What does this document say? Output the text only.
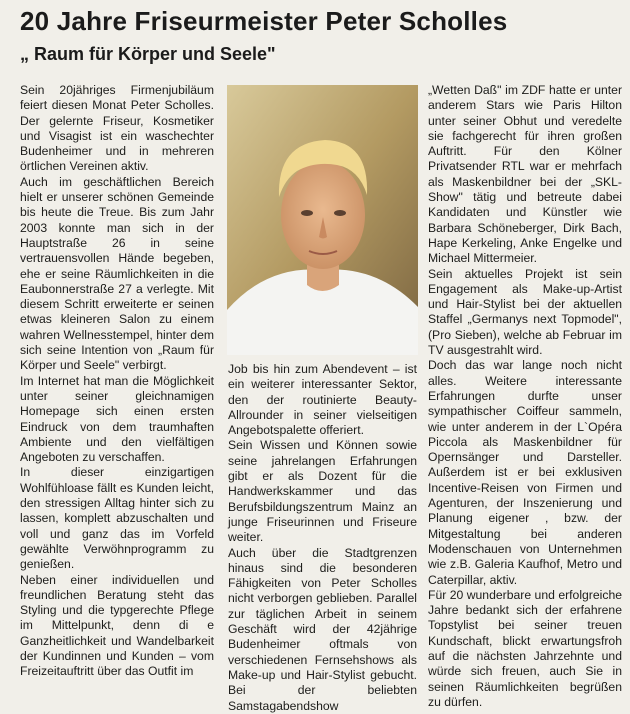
20 Jahre Friseurmeister Peter Scholles
„ Raum für Körper und Seele"

Sein 20jähriges Firmenjubiläum feiert diesen Monat Peter Scholles. Der gelernte Friseur, Kosmetiker und Visagist ist ein waschechter Budenheimer und in mehreren örtlichen Vereinen aktiv.

Auch im geschäftlichen Bereich hielt er unserer schönen Gemeinde bis heute die Treue. Bis zum Jahr 2003 konnte man sich in der Hauptstraße 26 in seine vertrauensvollen Hände begeben, ehe er seine Räumlichkeiten in die Eaubonnerstraße 27 a verlegte. Mit diesem Schritt erweiterte er seinen etwas kleineren Salon zu einem wahren Wellnesstempel, hinter dem sich seine Intention von „Raum für Körper und Seele" verbirgt.

Im Internet hat man die Möglichkeit unter seiner gleichnamigen Homepage sich einen ersten Eindruck von dem traumhaften Ambiente und den vielfältigen Angeboten zu verschaffen.

In dieser einzigartigen Wohlfühloase fällt es Kunden leicht, den stressigen Alltag hinter sich zu lassen, komplett abzuschalten und voll und ganz das im Vorfeld gewählte Verwöhnprogramm zu genießen.

Neben einer individuellen und freundlichen Beratung steht das Styling und die typgerechte Pflege im Mittelpunkt, denn di e Ganzheitlichkeit und Wandelbarkeit der Kundinnen und Kunden – vom Freizeitauftritt über das Outfit im

Job bis hin zum Abendevent – ist ein weiterer interessanter Sektor, den der routinierte Beauty-Allrounder in seiner vielseitigen Angebotspalette offeriert.

Sein Wissen und Können sowie seine jahrelangen Erfahrungen gibt er als Dozent für die Handwerkskammer und das Berufsbildungszentrum Mainz an junge Friseurinnen und Friseure weiter.

Auch über die Stadtgrenzen hinaus sind die besonderen Fähigkeiten von Peter Scholles nicht verborgen geblieben. Parallel zur täglichen Arbeit in seinem Geschäft wird der 42jährige Budenheimer oftmals von verschiedenen Fernsehshows als Make-up und Hair-Stylist gebucht. Bei der beliebten Samstagabendshow

„Wetten Daß" im ZDF hatte er unter anderem Stars wie Paris Hilton unter seiner Obhut und veredelte sie fachgerecht für ihren großen Auftritt. Für den Kölner Privatsender RTL war er mehrfach als Maskenbildner bei der „SKL-Show" tätig und betreute dabei Kandidaten und Künstler wie Barbara Schöneberger, Dirk Bach, Hape Kerkeling, Anke Engelke und Michael Mittermeier.

Sein aktuelles Projekt ist sein Engagement als Make-up-Artist und Hair-Stylist bei der aktuellen Staffel „Germanys next Topmodel", (Pro Sieben), welche ab Februar im TV ausgestrahlt wird.

Doch das war lange noch nicht alles. Weitere interessante Erfahrungen durfte unser sympathischer Coiffeur sammeln, wie unter anderem in der L`Opéra Piccola als Maskenbildner für Opernsänger und Darsteller. Außerdem ist er bei exklusiven Incentive-Reisen von Firmen und Agenturen, der Inszenierung und Planung eigener , bzw. der Mitgestaltung bei anderen Modenschauen von Unternehmen wie z.B. Galeria Kaufhof, Metro und Caterpillar, aktiv.

Für 20 wunderbare und erfolgreiche Jahre bedankt sich der erfahrene Topstylist bei seiner treuen Kundschaft, blickt erwartungsfroh auf die nächsten Jahrzehnte und würde sich freuen, auch Sie in seinen Räumlichkeiten begrüßen zu dürfen.
